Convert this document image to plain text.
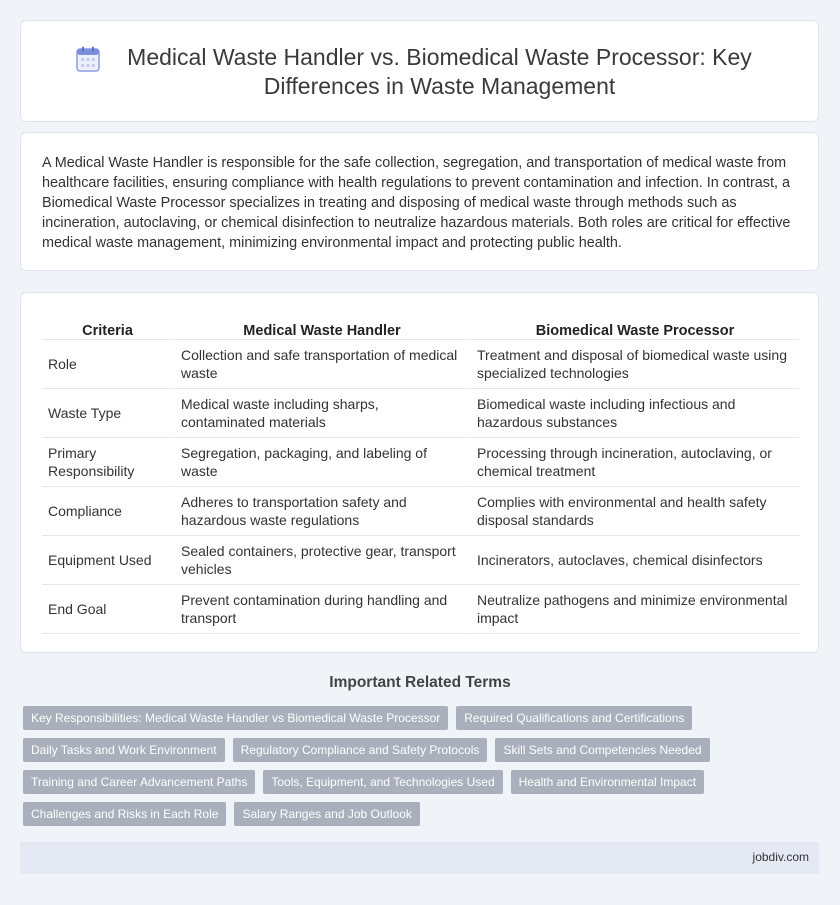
Medical Waste Handler vs. Biomedical Waste Processor: Key Differences in Waste Management

A Medical Waste Handler is responsible for the safe collection, segregation, and transportation of medical waste from healthcare facilities, ensuring compliance with health regulations to prevent contamination and infection. In contrast, a Biomedical Waste Processor specializes in treating and disposing of medical waste through methods such as incineration, autoclaving, or chemical disinfection to neutralize hazardous materials. Both roles are critical for effective medical waste management, minimizing environmental impact and protecting public health.

Criteria	Medical Waste Handler	Biomedical Waste Processor
Role	Collection and safe transportation of medical waste	Treatment and disposal of biomedical waste using specialized technologies
Waste Type	Medical waste including sharps, contaminated materials	Biomedical waste including infectious and hazardous substances
Primary Responsibility	Segregation, packaging, and labeling of waste	Processing through incineration, autoclaving, or chemical treatment
Compliance	Adheres to transportation safety and hazardous waste regulations	Complies with environmental and health safety disposal standards
Equipment Used	Sealed containers, protective gear, transport vehicles	Incinerators, autoclaves, chemical disinfectors
End Goal	Prevent contamination during handling and transport	Neutralize pathogens and minimize environmental impact
Important Related Terms
Key Responsibilities: Medical Waste Handler vs Biomedical Waste Processor	Required Qualifications and Certifications
Daily Tasks and Work Environment	Regulatory Compliance and Safety Protocols	Skill Sets and Competencies Needed
Training and Career Advancement Paths	Tools, Equipment, and Technologies Used	Health and Environmental Impact
Challenges and Risks in Each Role	Salary Ranges and Job Outlook
jobdiv.com
